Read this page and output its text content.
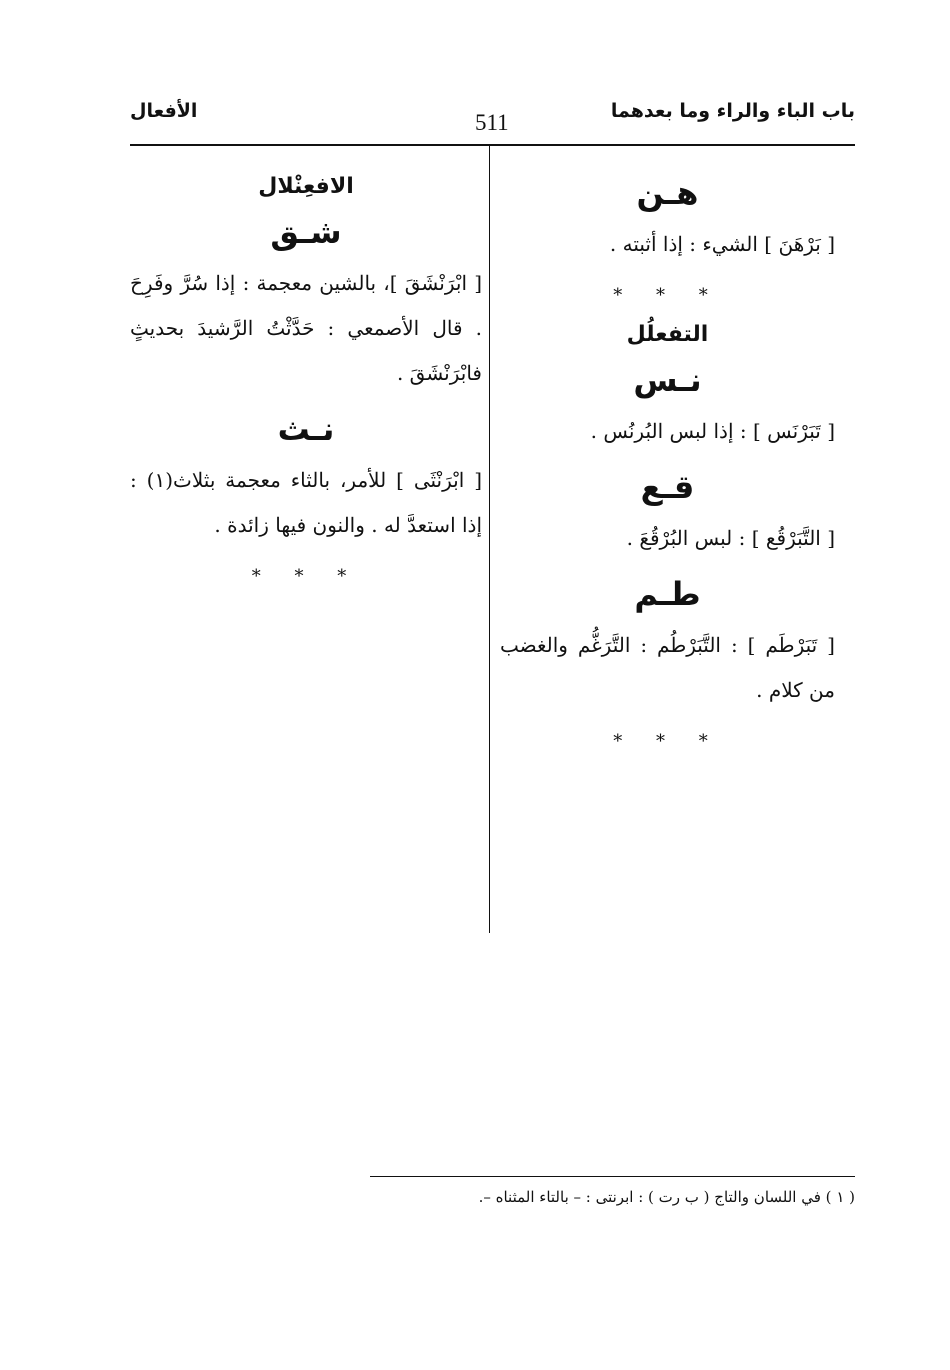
باب الباء والراء وما بعدهما
511
الأفعال
هـن

[ بَرْهَنَ ] الشيء : إذا أثبته .

* * *
التفعلُل
نـس

[ تَبَرْنَس ] : إذا لبس البُرنُس .

قـع

[ التَّبَرْقُع ] : لبس البُرْقُعَ .

طـم

[ تَبَرْطَم ] : التَّبَرْطُم : التَّرَغُّم والغضب من كلام .

* * *
الافعِنْلال
شـق

[ ابْرَنْشَقَ ]، بالشين معجمة : إذا سُرَّ وفَرِحَ . قال الأصمعي : حَدَّثْتُ الرَّشيدَ بحديثٍ فابْرَنْشَقَ .

نـث

[ ابْرَنْثَى ] للأمر، بالثاء معجمة بثلاث(١) : إذا استعدَّ له . والنون فيها زائدة .

* * *
( ١ ) في اللسان والتاج ( ب رت ) : ابرنتى : – بالتاء المثناه –.
